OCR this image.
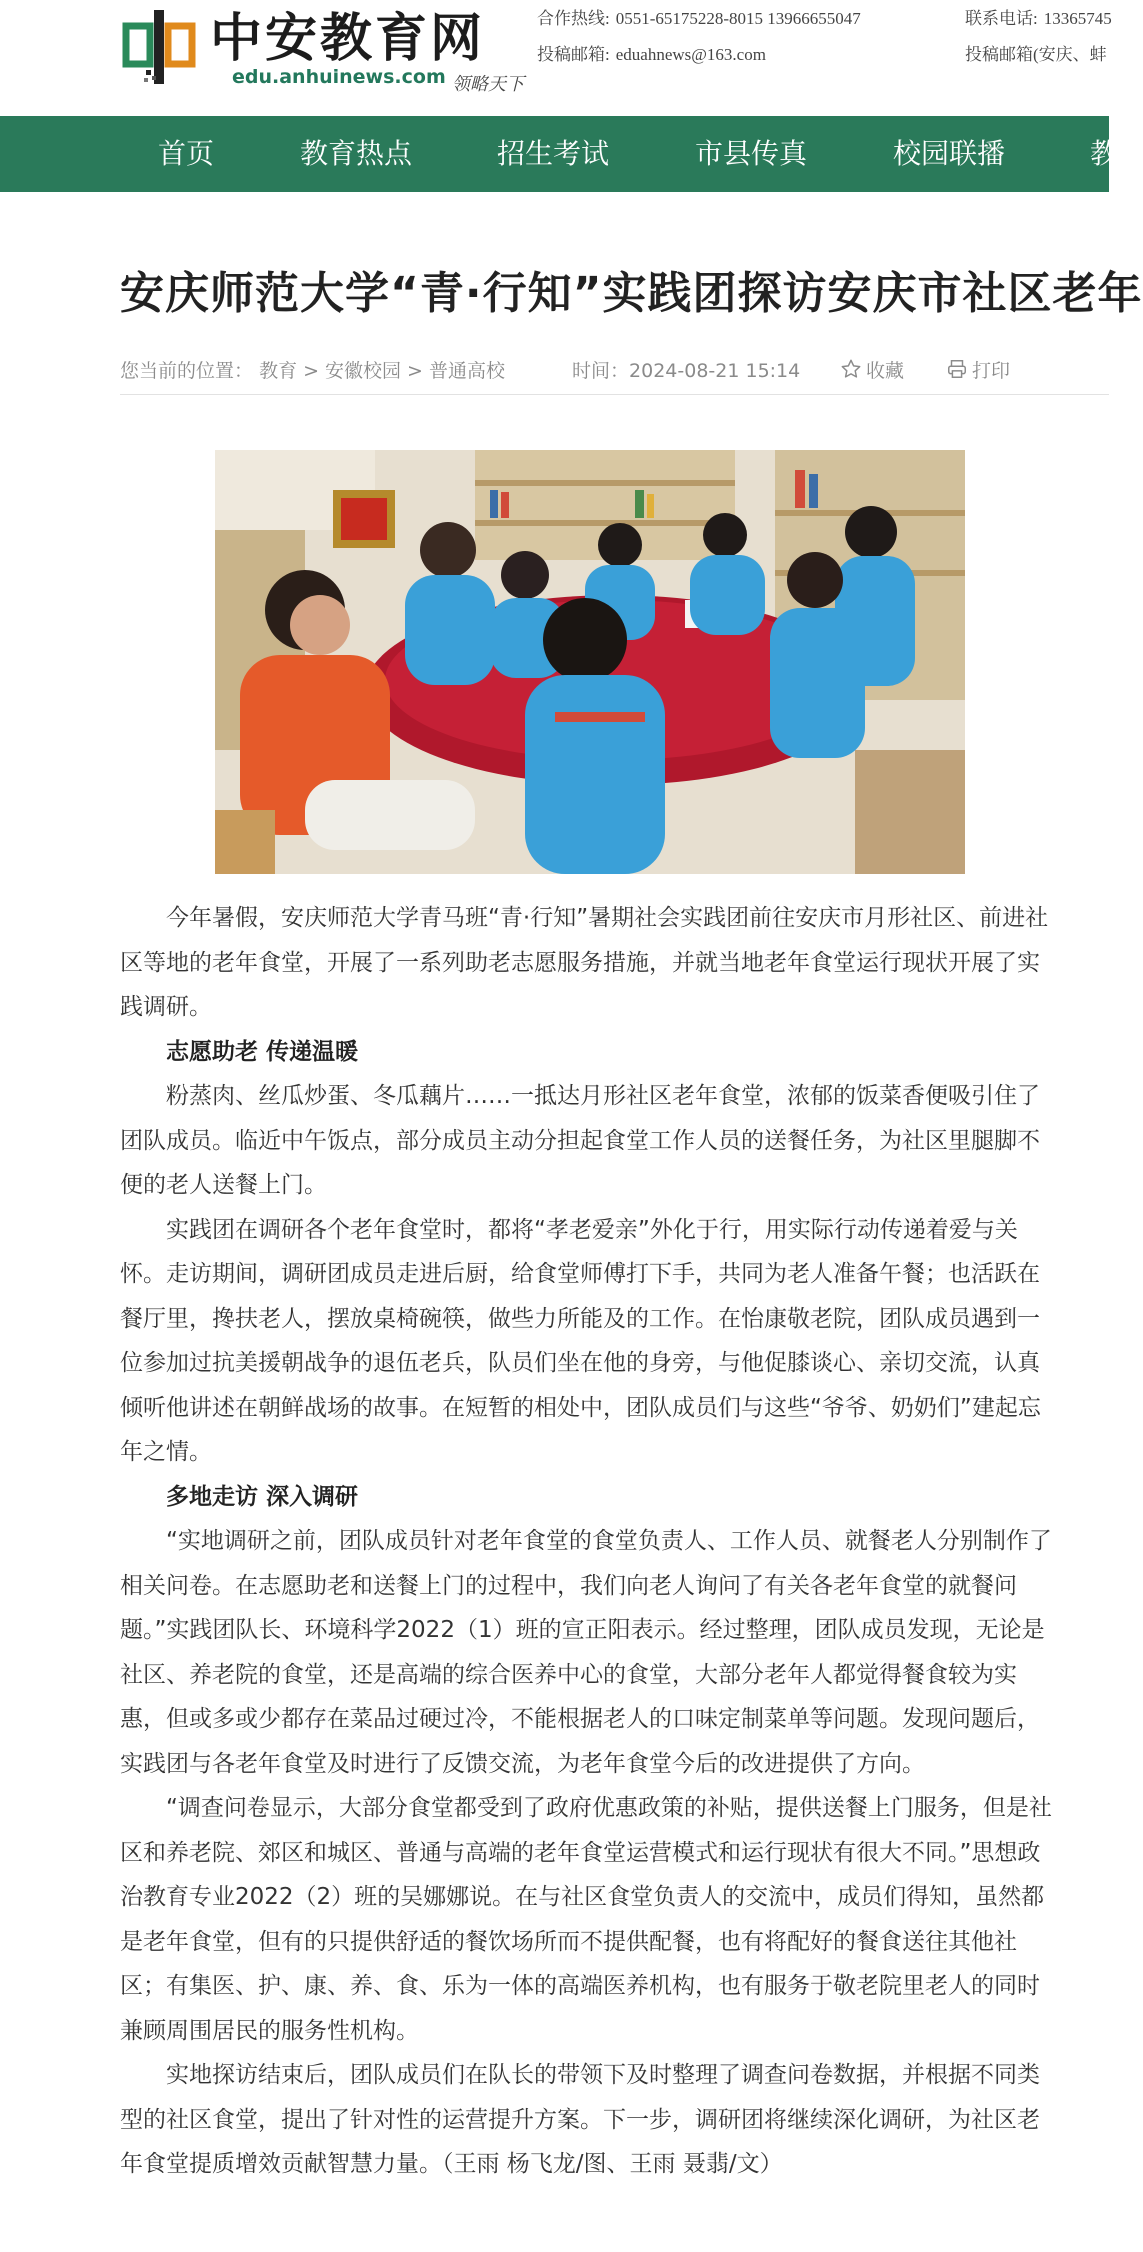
中安教育网
edu.anhuinews.com 领略天下
合作热线: 0551-65175228-8015 13966655047
投稿邮箱: eduahnews@163.com
联系电话: 13365745
投稿邮箱(安庆、蚌
首页	教育热点	招生考试	市县传真	校园联播	教
安庆师范大学“青·行知”实践团探访安庆市社区老年
您当前的位置： 教育 > 安徽校园 > 普通高校	时间：2024-08-21 15:14	收藏	打印

今年暑假，安庆师范大学青马班“青·行知”暑期社会实践团前往安庆市月形社区、前进社区等地的老年食堂，开展了一系列助老志愿服务措施，并就当地老年食堂运行现状开展了实践调研。

志愿助老 传递温暖

粉蒸肉、丝瓜炒蛋、冬瓜藕片……一抵达月形社区老年食堂，浓郁的饭菜香便吸引住了团队成员。临近中午饭点，部分成员主动分担起食堂工作人员的送餐任务，为社区里腿脚不便的老人送餐上门。

实践团在调研各个老年食堂时，都将“孝老爱亲”外化于行，用实际行动传递着爱与关怀。走访期间，调研团成员走进后厨，给食堂师傅打下手，共同为老人准备午餐；也活跃在餐厅里，搀扶老人，摆放桌椅碗筷，做些力所能及的工作。在怡康敬老院，团队成员遇到一位参加过抗美援朝战争的退伍老兵，队员们坐在他的身旁，与他促膝谈心、亲切交流，认真倾听他讲述在朝鲜战场的故事。在短暂的相处中，团队成员们与这些“爷爷、奶奶们”建起忘年之情。

多地走访 深入调研

“实地调研之前，团队成员针对老年食堂的食堂负责人、工作人员、就餐老人分别制作了相关问卷。在志愿助老和送餐上门的过程中，我们向老人询问了有关各老年食堂的就餐问题。”实践团队长、环境科学2022（1）班的宣正阳表示。经过整理，团队成员发现，无论是社区、养老院的食堂，还是高端的综合医养中心的食堂，大部分老年人都觉得餐食较为实惠，但或多或少都存在菜品过硬过冷，不能根据老人的口味定制菜单等问题。发现问题后，实践团与各老年食堂及时进行了反馈交流，为老年食堂今后的改进提供了方向。

“调查问卷显示，大部分食堂都受到了政府优惠政策的补贴，提供送餐上门服务，但是社区和养老院、郊区和城区、普通与高端的老年食堂运营模式和运行现状有很大不同。”思想政治教育专业2022（2）班的吴娜娜说。在与社区食堂负责人的交流中，成员们得知，虽然都是老年食堂，但有的只提供舒适的餐饮场所而不提供配餐，也有将配好的餐食送往其他社区；有集医、护、康、养、食、乐为一体的高端医养机构，也有服务于敬老院里老人的同时兼顾周围居民的服务性机构。

实地探访结束后，团队成员们在队长的带领下及时整理了调查问卷数据，并根据不同类型的社区食堂，提出了针对性的运营提升方案。下一步，调研团将继续深化调研，为社区老年食堂提质增效贡献智慧力量。（王雨 杨飞龙/图、王雨 聂翡/文）
